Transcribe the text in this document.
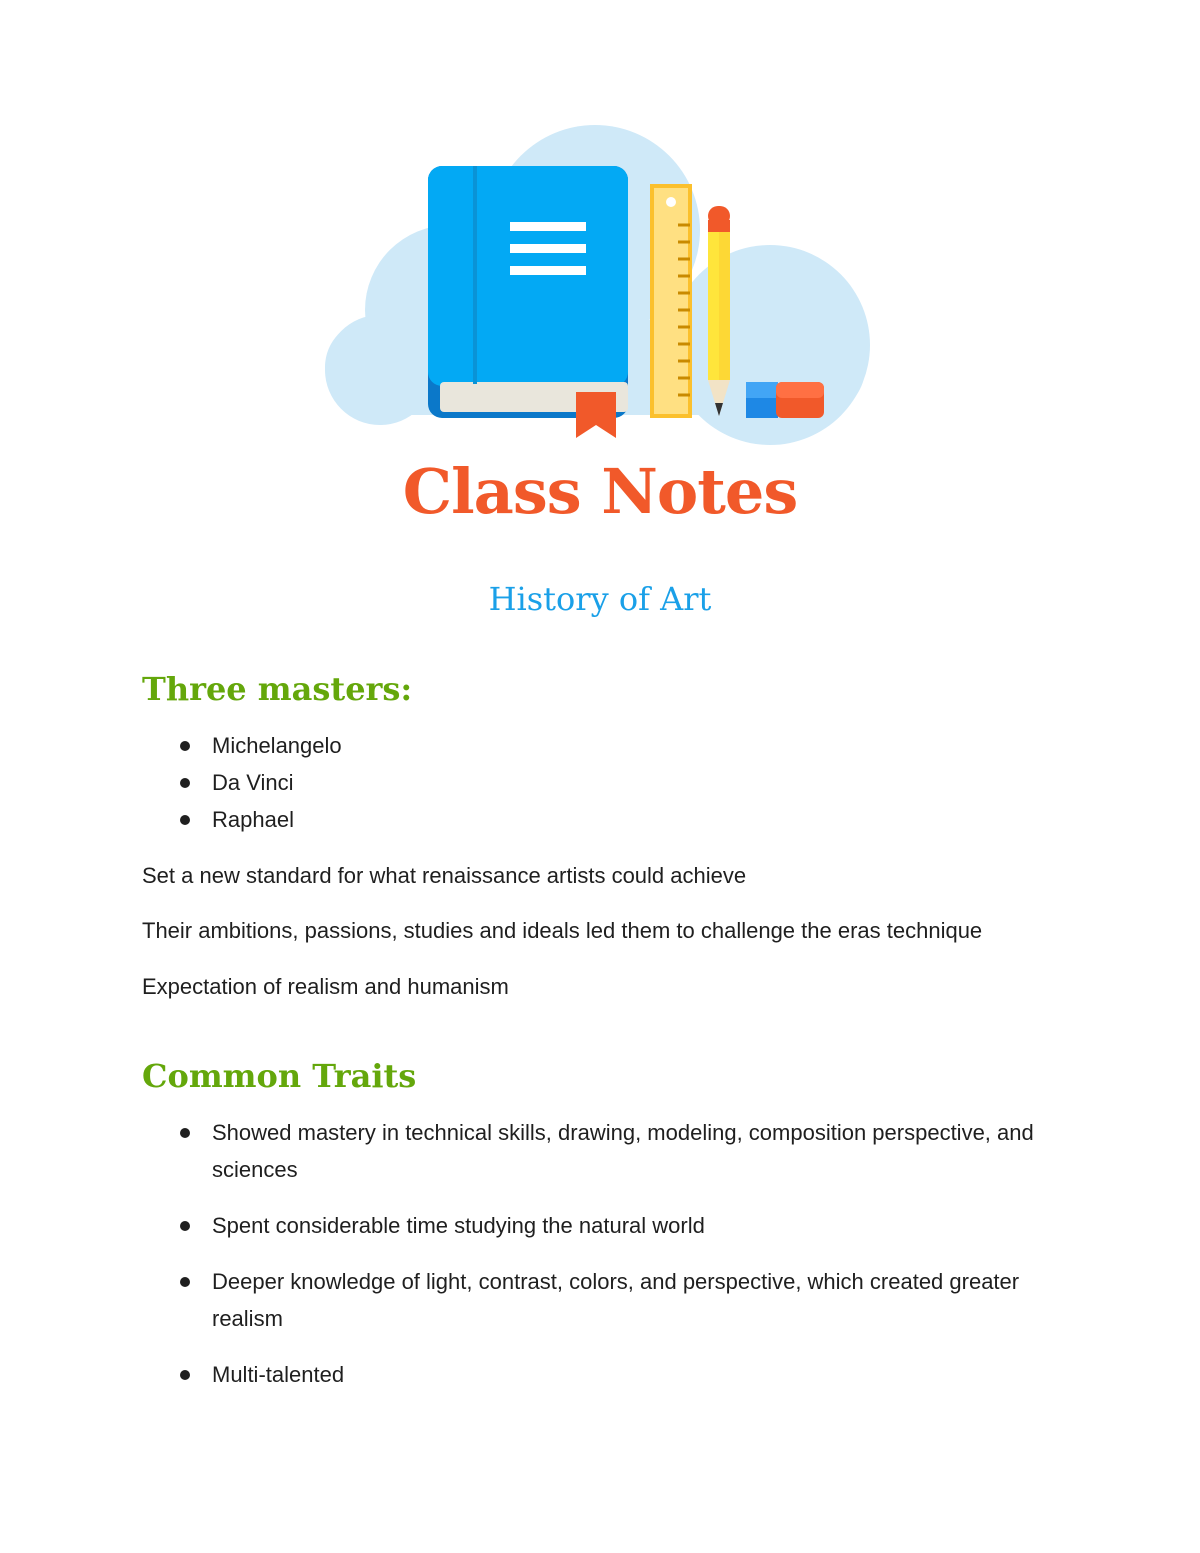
Class Notes
History of Art
Three masters:
Michelangelo
Da Vinci
Raphael

Set a new standard for what renaissance artists could achieve

Their ambitions, passions, studies and ideals led them to challenge the eras technique

Expectation of realism and humanism

Common Traits
Showed mastery in technical skills, drawing, modeling, composition perspective, and sciences
Spent considerable time studying the natural world
Deeper knowledge of light, contrast, colors, and perspective, which created greater realism
Multi-talented
